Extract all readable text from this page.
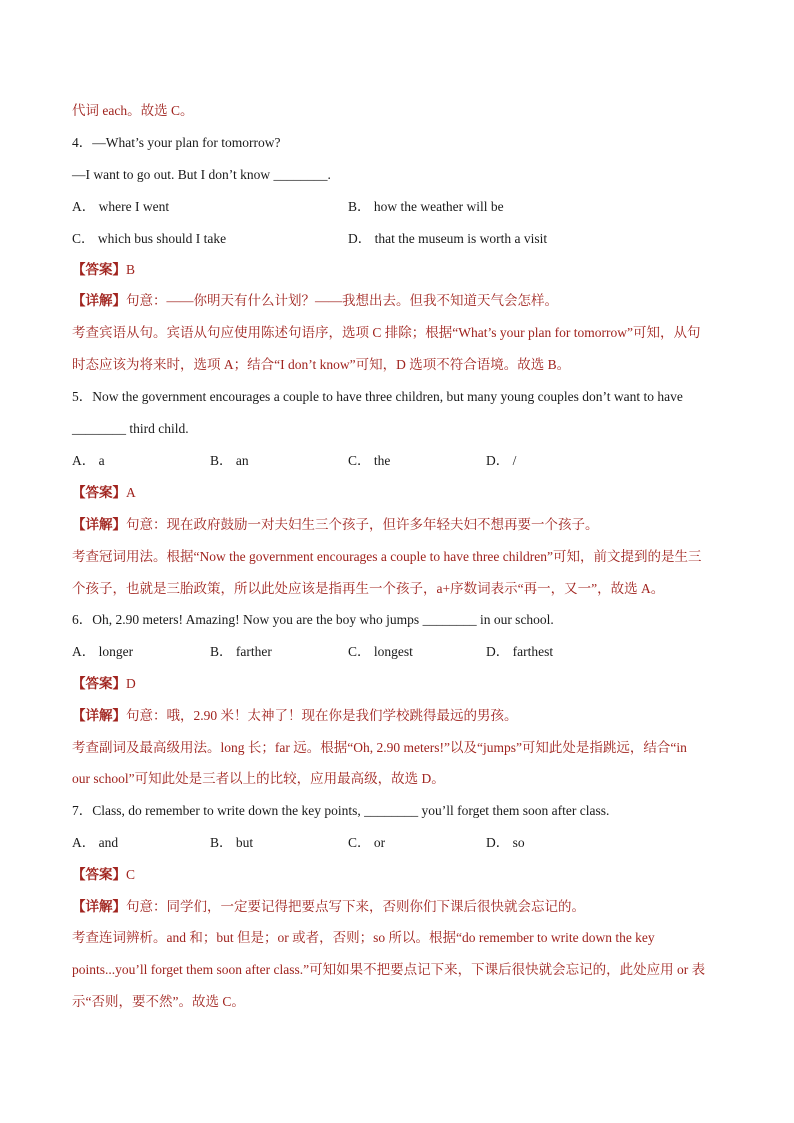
代词 each。故选 C。
4．—What’s your plan for tomorrow?
—I want to go out. But I don’t know ________.
A． where I went	B． how the weather will be
C． which bus should I take	D． that the museum is worth a visit
【答案】B
【详解】句意：——你明天有什么计划？——我想出去。但我不知道天气会怎样。
考查宾语从句。宾语从句应使用陈述句语序，选项 C 排除；根据“What’s your plan for tomorrow”可知，从句
时态应该为将来时，选项 A；结合“I don’t know”可知，D 选项不符合语境。故选 B。
5．Now the government encourages a couple to have three children, but many young couples don’t want to have
________ third child.
A． a	B． an	C． the	D． /
【答案】A
【详解】句意：现在政府鼓励一对夫妇生三个孩子，但许多年轻夫妇不想再要一个孩子。
考查冠词用法。根据“Now the government encourages a couple to have three children”可知，前文提到的是生三
个孩子，也就是三胎政策，所以此处应该是指再生一个孩子，a+序数词表示“再一，又一”，故选 A。
6．Oh, 2.90 meters! Amazing! Now you are the boy who jumps ________ in our school.
A． longer	B． farther	C． longest	D． farthest
【答案】D
【详解】句意：哦，2.90 米！太神了！现在你是我们学校跳得最远的男孩。
考查副词及最高级用法。long 长；far 远。根据“Oh, 2.90 meters!”以及“jumps”可知此处是指跳远，结合“in
our school”可知此处是三者以上的比较，应用最高级，故选 D。
7．Class, do remember to write down the key points, ________ you’ll forget them soon after class.
A． and	B． but	C． or	D． so
【答案】C
【详解】句意：同学们，一定要记得把要点写下来，否则你们下课后很快就会忘记的。
考查连词辨析。and 和；but 但是；or 或者，否则；so 所以。根据“do remember to write down the key
points...you’ll forget them soon after class.”可知如果不把要点记下来，下课后很快就会忘记的，此处应用 or 表
示“否则，要不然”。故选 C。
